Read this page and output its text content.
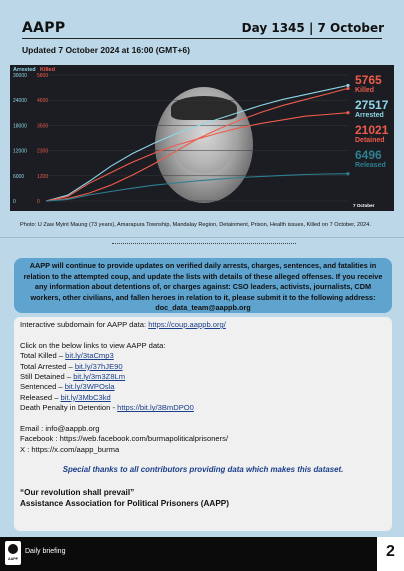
AAPP	Day 1345 | 7 October
Updated 7 October 2024 at 16:00 (GMT+6)
Arrested Killed
0
6000
12000
18000
24000
30000
0
1200
2300
3500
4600
5800
7 October
5765
Killed
27517
Arrested
21021
Detained
6496
Released
Photo: U Zaw Myint Maung (73 years), Amarapura Township, Mandalay Region, Detainment, Prison, Health issues, Killed on 7 October, 2024.

AAPP will continue to provide updates on verified daily arrests, charges, sentences, and fatalities in relation to the attempted coup, and update the lists with details of these alleged offenses. If you receive any information about detentions of, or charges against: CSO leaders, activists, journalists, CDM workers, other civilians, and fallen heroes in relation to it, please submit it to the following address: doc_data_team@aappb.org

Interactive subdomain for AAPP data: https://coup.aappb.org/
Click on the below links to view AAPP data:
Total Killed – bit.ly/3taCmp3
Total Arrested – bit.ly/37hJE90
Still Detained – bit.ly/3m3Z8Lm
Sentenced – bit.ly/3WPOsla
Released – bit.ly/3MbC3kd
Death Penalty in Detention - https://bit.ly/3BmDPO0
Email : info@aappb.org
Facebook : https://web.facebook.com/burmapoliticalprisoners/
X : https://x.com/aapp_burma
Special thanks to all contributors providing data which makes this dataset.
“Our revolution shall prevail”
Assistance Association for Political Prisoners (AAPP)
AAPP
Daily briefing	2
